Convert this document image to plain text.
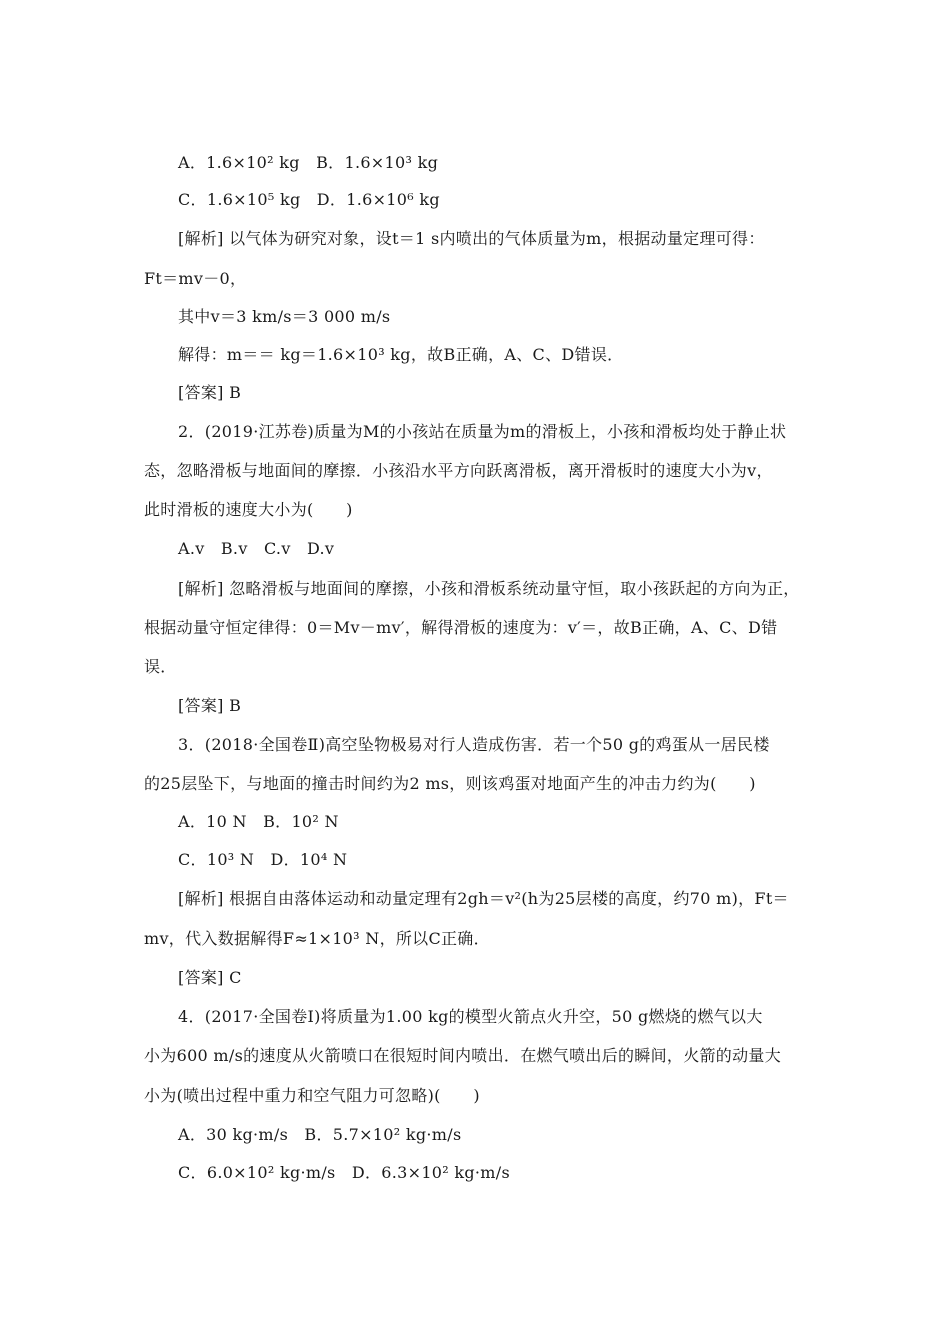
A．1.6×10² kg　B．1.6×10³ kg
C．1.6×10⁵ kg　D．1.6×10⁶ kg
[解析] 以气体为研究对象，设t＝1 s内喷出的气体质量为m，根据动量定理可得：
Ft＝mv－0，
其中v＝3 km/s＝3 000 m/s
解得：m＝＝ kg＝1.6×10³ kg，故B正确，A、C、D错误．
[答案] B
2．(2019·江苏卷)质量为M的小孩站在质量为m的滑板上，小孩和滑板均处于静止状
态，忽略滑板与地面间的摩擦．小孩沿水平方向跃离滑板，离开滑板时的速度大小为v，
此时滑板的速度大小为(　　)
A.v　B.v　C.v　D.v
[解析] 忽略滑板与地面间的摩擦，小孩和滑板系统动量守恒，取小孩跃起的方向为正，
根据动量守恒定律得：0＝Mv－mv′，解得滑板的速度为：v′＝，故B正确，A、C、D错
误．
[答案] B
3．(2018·全国卷Ⅱ)高空坠物极易对行人造成伤害．若一个50 g的鸡蛋从一居民楼
的25层坠下，与地面的撞击时间约为2 ms，则该鸡蛋对地面产生的冲击力约为(　　)
A．10 N　B．10² N
C．10³ N　D．10⁴ N
[解析] 根据自由落体运动和动量定理有2gh＝v²(h为25层楼的高度，约70 m)，Ft＝
mv，代入数据解得F≈1×10³ N，所以C正确．
[答案] C
4．(2017·全国卷Ⅰ)将质量为1.00 kg的模型火箭点火升空，50 g燃烧的燃气以大
小为600 m/s的速度从火箭喷口在很短时间内喷出．在燃气喷出后的瞬间，火箭的动量大
小为(喷出过程中重力和空气阻力可忽略)(　　)
A．30 kg·m/s　B．5.7×10² kg·m/s
C．6.0×10² kg·m/s　D．6.3×10² kg·m/s
